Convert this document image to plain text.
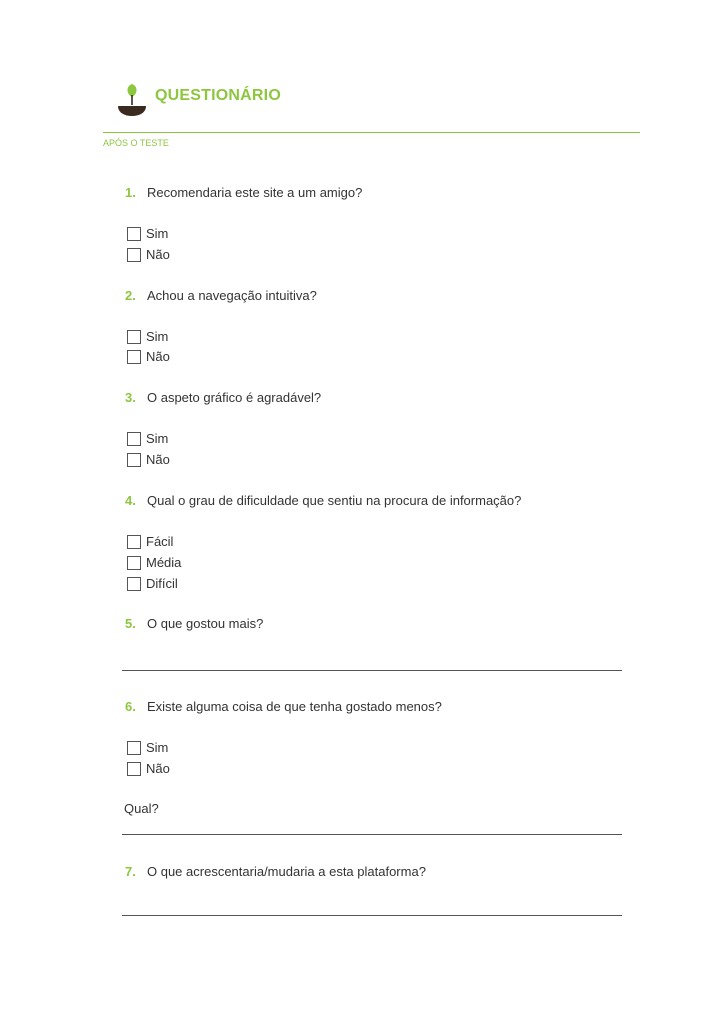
QUESTIONÁRIO
APÓS O TESTE
1. Recomendaria este site a um amigo?
Sim
Não
2. Achou a navegação intuitiva?
Sim
Não
3. O aspeto gráfico é agradável?
Sim
Não
4. Qual o grau de dificuldade que sentiu na procura de informação?
Fácil
Média
Difícil
5. O que gostou mais?
6. Existe alguma coisa de que tenha gostado menos?
Sim
Não
Qual?
7. O que acrescentaria/mudaria a esta plataforma?
